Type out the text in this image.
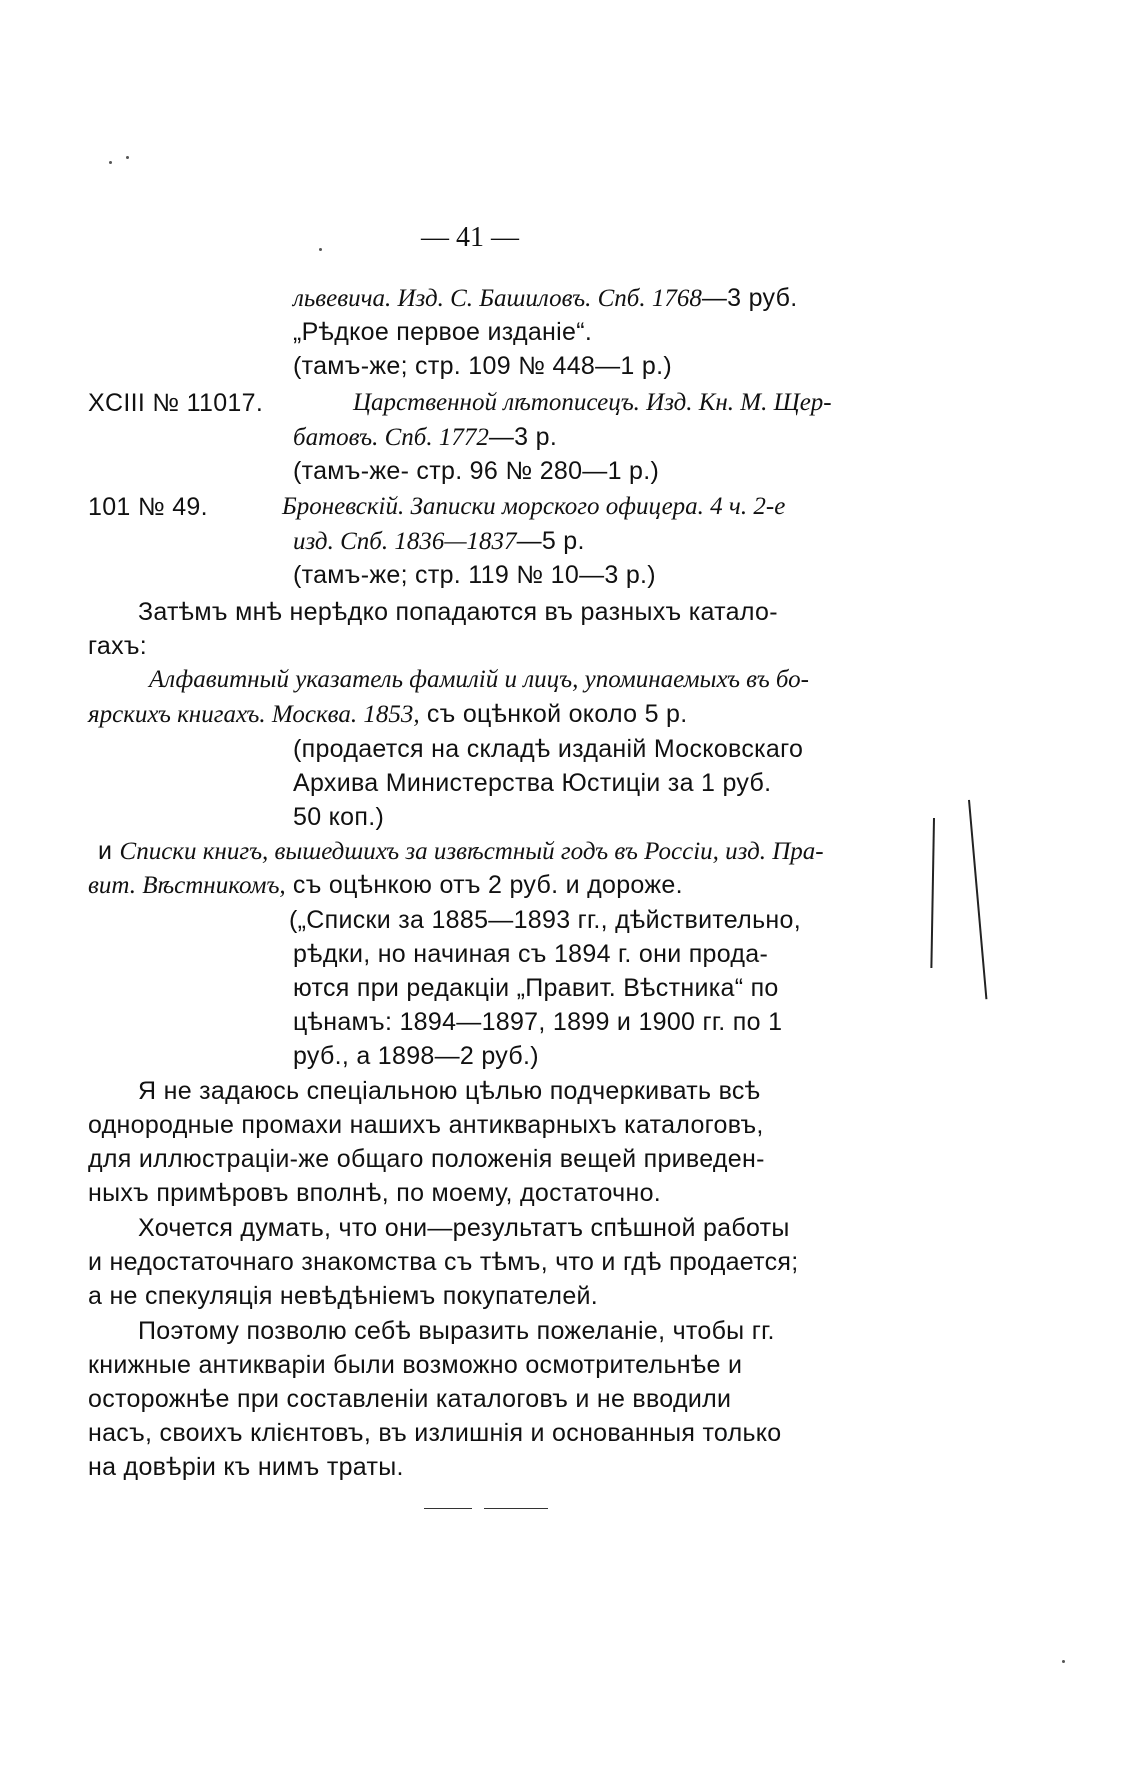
— 41 —
львевича. Изд. С. Башиловъ. Спб. 1768—3 руб.
„Рѣдкое первое изданіе“.
(тамъ-же; стр. 109 № 448—1 р.)
XCIII № 11017.	Царственной лѣтописецъ. Изд. Кн. М. Щер-
батовъ. Спб. 1772—3 р.
(тамъ-же- стр. 96 № 280—1 р.)
101 № 49.	Броневскій. Записки морского офицера. 4 ч. 2-е
изд. Спб. 1836—1837—5 р.
(тамъ-же; стр. 119 № 10—3 р.)
Затѣмъ мнѣ нерѣдко попадаются въ разныхъ катало-
гахъ:
Алфавитный указатель фамилій и лицъ, упоминаемыхъ въ бо-
ярскихъ книгахъ. Москва. 1853, съ оцѣнкой около 5 р.
(продается на складѣ изданій Московскаго
Архива Министерства Юстиціи за 1 руб.
50 коп.)
и Списки книгъ, вышедшихъ за извѣстный годъ въ Россіи, изд. Пра-
вит. Вѣстникомъ, съ оцѣнкою отъ 2 руб. и дороже.
(„Списки за 1885—1893 гг., дѣйствительно,
рѣдки, но начиная съ 1894 г. они прода-
ются при редакціи „Правит. Вѣстника“ по
цѣнамъ: 1894—1897, 1899 и 1900 гг. по 1
руб., а 1898—2 руб.)
Я не задаюсь спеціальною цѣлью подчеркивать всѣ
однородные промахи нашихъ антикварныхъ каталоговъ,
для иллюстраціи-же общаго положенія вещей приведен-
ныхъ примѣровъ вполнѣ, по моему, достаточно.
Хочется думать, что они—результатъ спѣшной работы
и недостаточнаго знакомства съ тѣмъ, что и гдѣ продается;
а не спекуляція невѣдѣніемъ покупателей.
Поэтому позволю себѣ выразить пожеланіе, чтобы гг.
книжные антикваріи были возможно осмотрительнѣе и
осторожнѣе при составленіи каталоговъ и не вводили
насъ, своихъ клієнтовъ, въ излишнія и основанныя только
на довѣріи къ нимъ траты.
